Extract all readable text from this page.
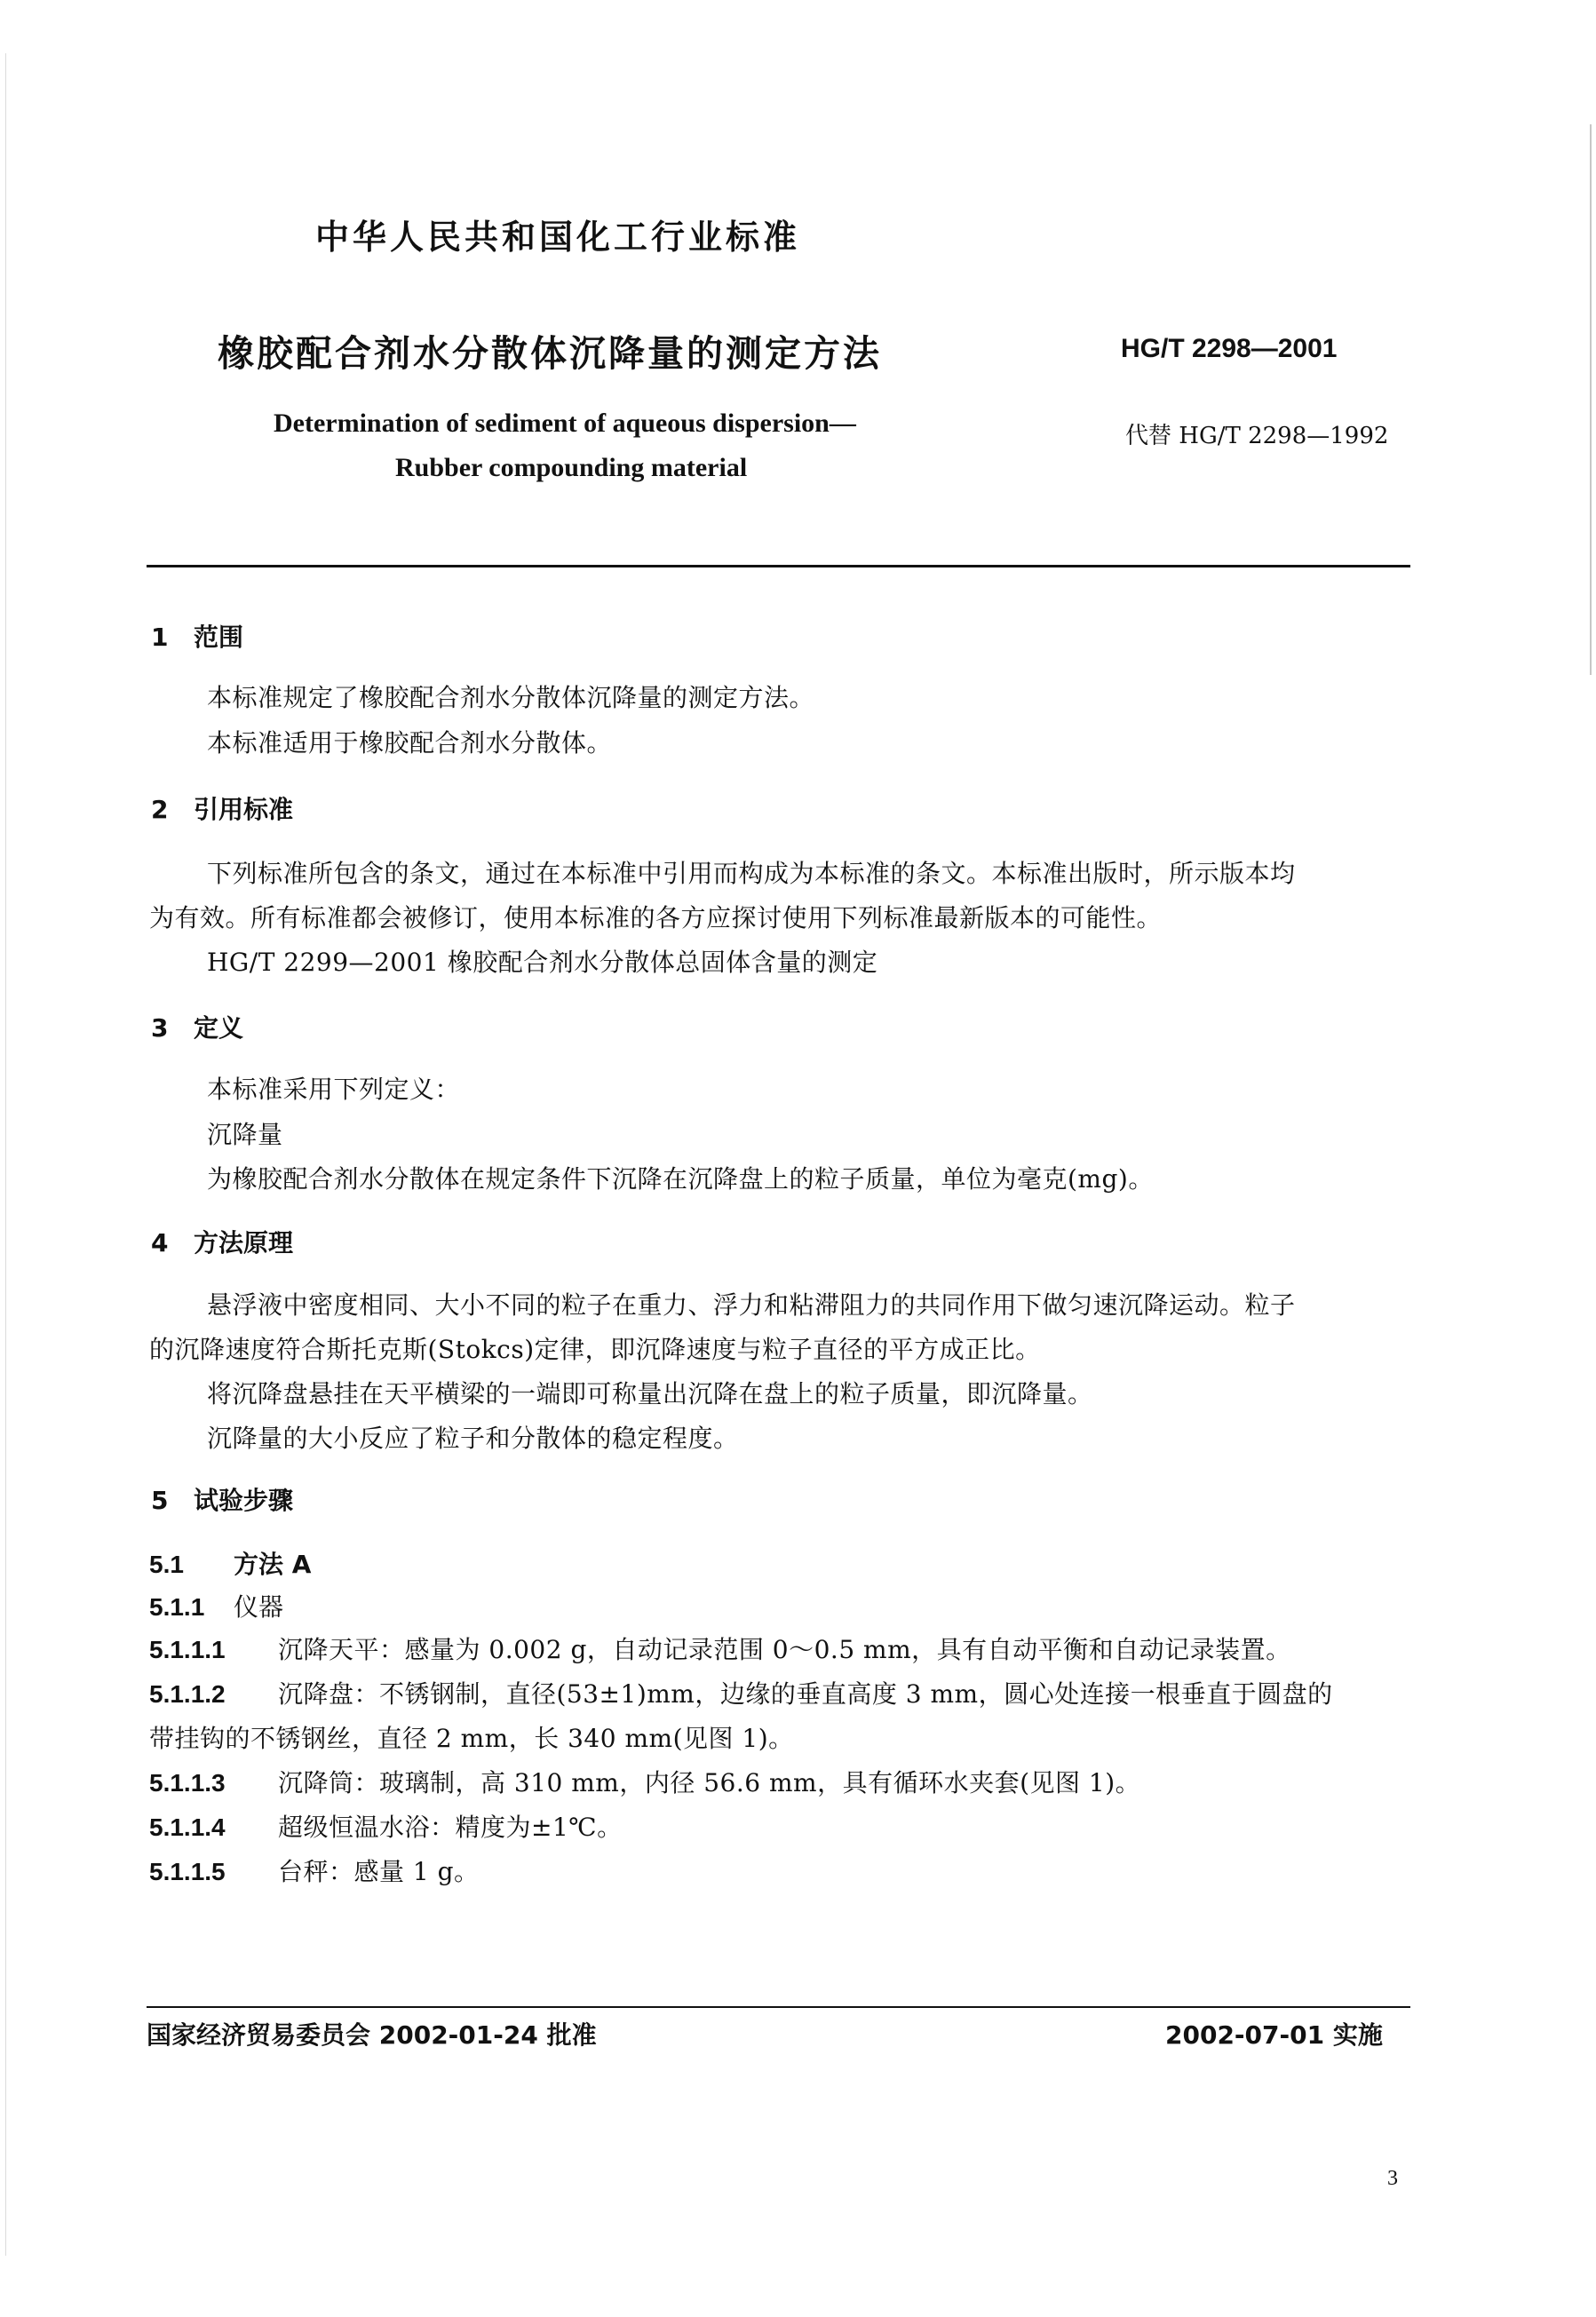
中华人民共和国化工行业标准
橡胶配合剂水分散体沉降量的测定方法	HG/T 2298—2001
Determination of sediment of aqueous dispersion—
Rubber compounding material
代替 HG/T 2298—1992
1 范围
本标准规定了橡胶配合剂水分散体沉降量的测定方法。
本标准适用于橡胶配合剂水分散体。
2 引用标准
下列标准所包含的条文，通过在本标准中引用而构成为本标准的条文。本标准出版时，所示版本均
为有效。所有标准都会被修订，使用本标准的各方应探讨使用下列标准最新版本的可能性。
HG/T 2299—2001 橡胶配合剂水分散体总固体含量的测定
3 定义
本标准采用下列定义：
沉降量
为橡胶配合剂水分散体在规定条件下沉降在沉降盘上的粒子质量，单位为毫克(mg)。
4 方法原理
悬浮液中密度相同、大小不同的粒子在重力、浮力和粘滞阻力的共同作用下做匀速沉降运动。粒子
的沉降速度符合斯托克斯(Stokcs)定律，即沉降速度与粒子直径的平方成正比。
将沉降盘悬挂在天平横梁的一端即可称量出沉降在盘上的粒子质量，即沉降量。
沉降量的大小反应了粒子和分散体的稳定程度。
5 试验步骤
5.1 方法 A
5.1.1 仪器
5.1.1.1 沉降天平：感量为 0.002 g，自动记录范围 0～0.5 mm，具有自动平衡和自动记录装置。
5.1.1.2 沉降盘：不锈钢制，直径(53±1)mm，边缘的垂直高度 3 mm，圆心处连接一根垂直于圆盘的
带挂钩的不锈钢丝，直径 2 mm，长 340 mm(见图 1)。
5.1.1.3 沉降筒：玻璃制，高 310 mm，内径 56.6 mm，具有循环水夹套(见图 1)。
5.1.1.4 超级恒温水浴：精度为±1℃。
5.1.1.5 台秤：感量 1 g。
国家经济贸易委员会 2002-01-24 批准	2002-07-01 实施
3
